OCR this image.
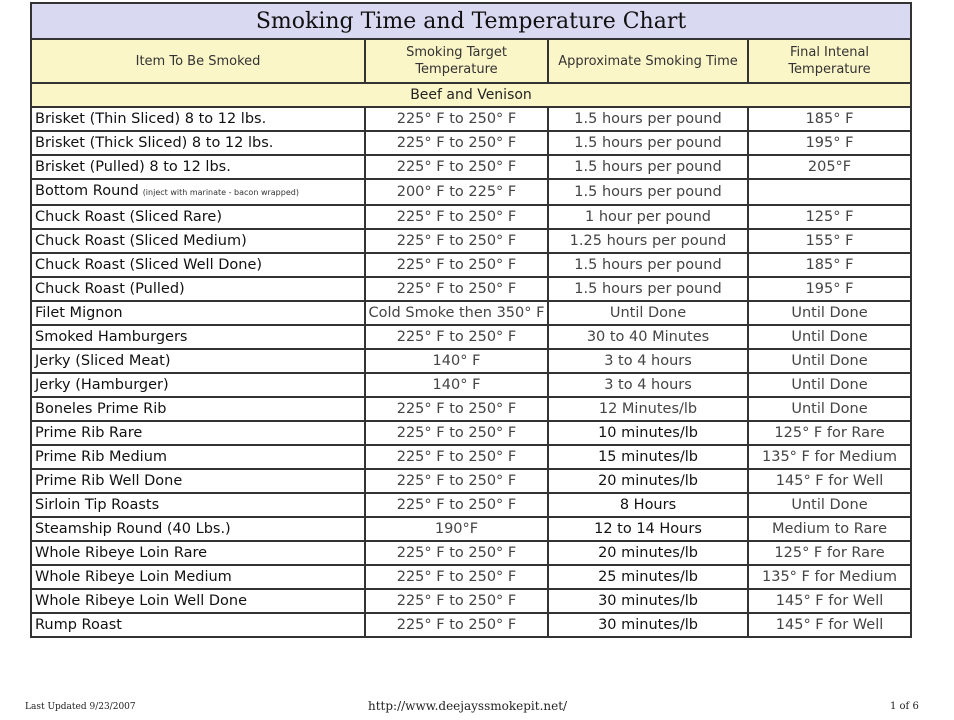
Smoking Time and Temperature Chart			
Item To Be Smoked	Smoking Target Temperature	Approximate Smoking Time	Final Intenal Temperature
Beef and Venison			
Brisket (Thin Sliced) 8 to 12 lbs.	225° F to 250° F	1.5 hours per pound	185° F
Brisket (Thick Sliced) 8 to 12 lbs.	225° F to 250° F	1.5 hours per pound	195° F
Brisket (Pulled) 8 to 12 lbs.	225° F to 250° F	1.5 hours per pound	205°F
Bottom Round (inject with marinate - bacon wrapped)	200° F to 225° F	1.5 hours per pound	
Chuck Roast (Sliced Rare)	225° F to 250° F	1 hour per pound	125° F
Chuck Roast (Sliced Medium)	225° F to 250° F	1.25 hours per pound	155° F
Chuck Roast (Sliced Well Done)	225° F to 250° F	1.5 hours per pound	185° F
Chuck Roast (Pulled)	225° F to 250° F	1.5 hours per pound	195° F
Filet Mignon	Cold Smoke then 350° F	Until Done	Until Done
Smoked Hamburgers	225° F to 250° F	30 to 40 Minutes	Until Done
Jerky (Sliced Meat)	140° F	3 to 4 hours	Until Done
Jerky (Hamburger)	140° F	3 to 4 hours	Until Done
Boneles Prime Rib	225° F to 250° F	12 Minutes/lb	Until Done
Prime Rib Rare	225° F to 250° F	10 minutes/lb	125° F for Rare
Prime Rib Medium	225° F to 250° F	15 minutes/lb	135° F for Medium
Prime Rib Well Done	225° F to 250° F	20 minutes/lb	145° F for Well
Sirloin Tip Roasts	225° F to 250° F	8 Hours	Until Done
Steamship Round (40 Lbs.)	190°F	12 to 14 Hours	Medium to Rare
Whole Ribeye Loin Rare	225° F to 250° F	20 minutes/lb	125° F for Rare
Whole Ribeye Loin Medium	225° F to 250° F	25 minutes/lb	135° F for Medium
Whole Ribeye Loin Well Done	225° F to 250° F	30 minutes/lb	145° F for Well
Rump Roast	225° F to 250° F	30 minutes/lb	145° F for Well
Last Updated 9/23/2007	http://www.deejayssmokepit.net/	1 of 6
